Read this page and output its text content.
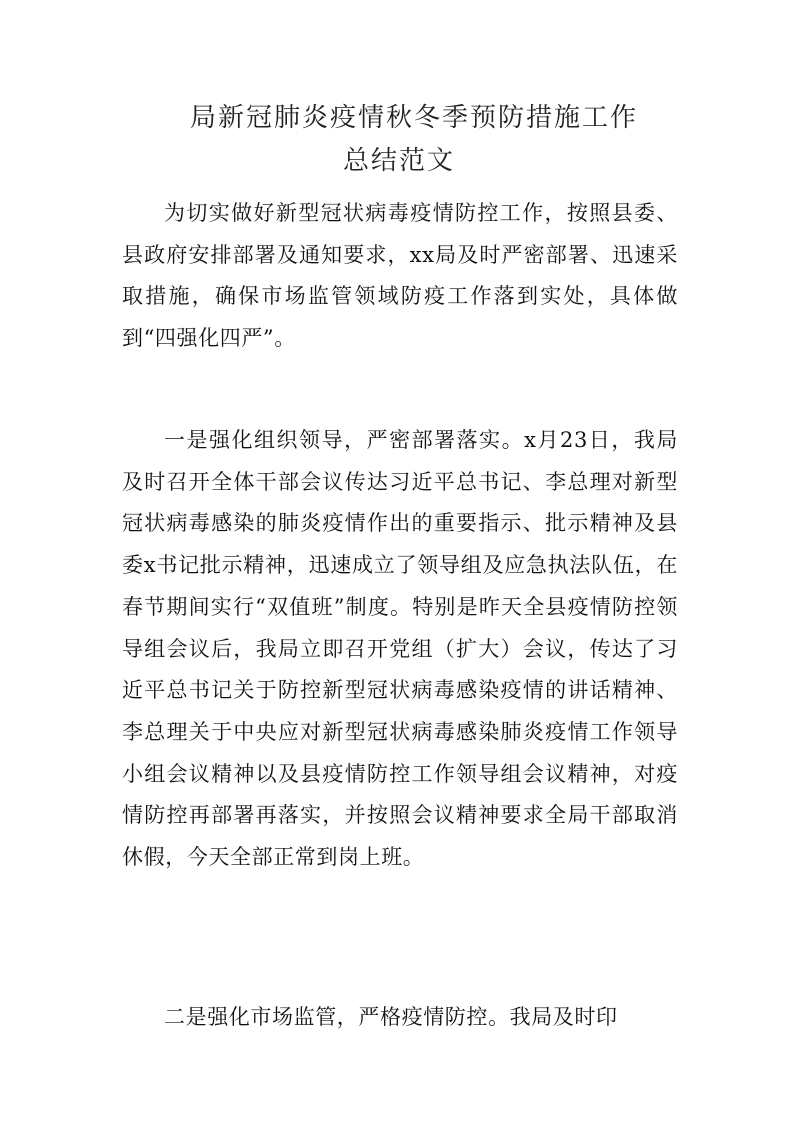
局新冠肺炎疫情秋冬季预防措施工作
总结范文

为切实做好新型冠状病毒疫情防控工作，按照县委、县政府安排部署及通知要求，xx局及时严密部署、迅速采取措施，确保市场监管领域防疫工作落到实处，具体做到“四强化四严”。

一是强化组织领导，严密部署落实。x月23日，我局及时召开全体干部会议传达习近平总书记、李总理对新型冠状病毒感染的肺炎疫情作出的重要指示、批示精神及县委x书记批示精神，迅速成立了领导组及应急执法队伍，在春节期间实行“双值班”制度。特别是昨天全县疫情防控领导组会议后，我局立即召开党组（扩大）会议，传达了习近平总书记关于防控新型冠状病毒感染疫情的讲话精神、李总理关于中央应对新型冠状病毒感染肺炎疫情工作领导小组会议精神以及县疫情防控工作领导组会议精神，对疫情防控再部署再落实，并按照会议精神要求全局干部取消休假，今天全部正常到岗上班。

二是强化市场监管，严格疫情防控。我局及时印
